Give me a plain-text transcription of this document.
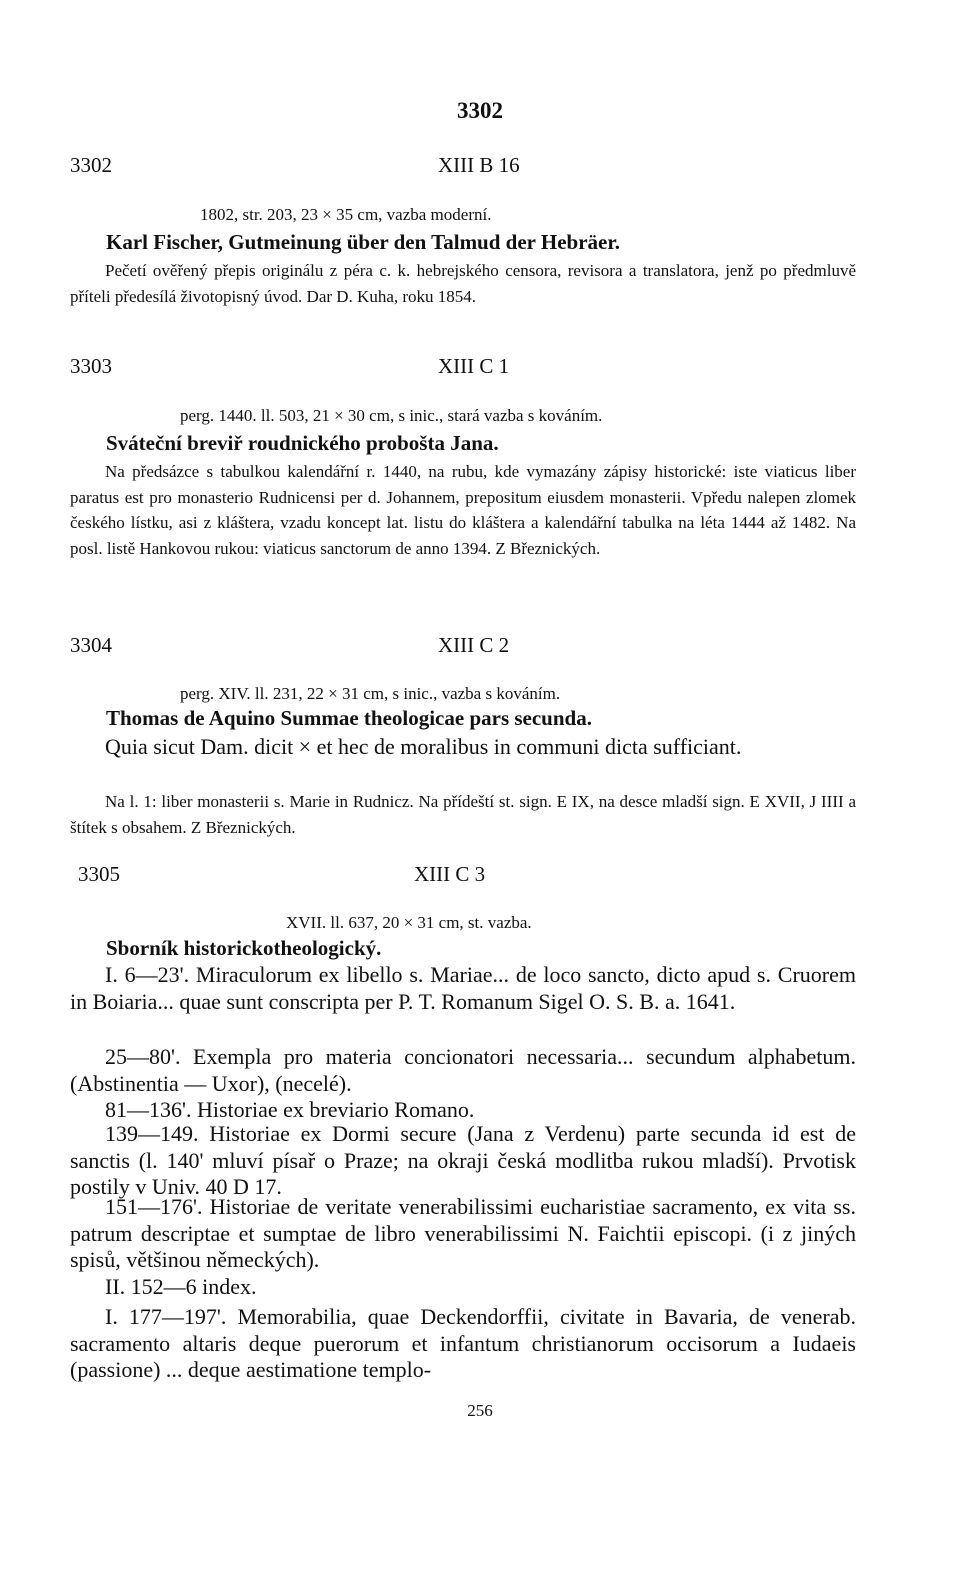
3302
3302	XIII B 16
1802, str. 203, 23 × 35 cm, vazba moderní.
Karl Fischer, Gutmeinung über den Talmud der Hebräer.
Pečetí ověřený přepis originálu z péra c. k. hebrejského censora, revisora a translatora, jenž po předmluvě příteli předesílá životopisný úvod. Dar D. Kuha, roku 1854.
3303	XIII C 1
perg. 1440. ll. 503, 21 × 30 cm, s inic., stará vazba s kováním.
Sváteční breviř roudnického probošta Jana.
Na předsázce s tabulkou kalendářní r. 1440, na rubu, kde vymazány zápisy historické: iste viaticus liber paratus est pro monasterio Rudnicensi per d. Johannem, prepositum eiusdem monasterii. Vpředu nalepen zlomek českého lístku, asi z kláštera, vzadu koncept lat. listu do kláštera a kalendářní tabulka na léta 1444 až 1482. Na posl. listě Hankovou rukou: viaticus sanctorum de anno 1394. Z Březnických.
3304	XIII C 2
perg. XIV. ll. 231, 22 × 31 cm, s inic., vazba s kováním.
Thomas de Aquino Summae theologicae pars secunda.
Quia sicut Dam. dicit × et hec de moralibus in communi dicta sufficiant.
Na l. 1: liber monasterii s. Marie in Rudnicz. Na přídeští st. sign. E IX, na desce mladší sign. E XVII, J IIII a štítek s obsahem. Z Březnických.
3305	XIII C 3
XVII. ll. 637, 20 × 31 cm, st. vazba.
Sborník historickotheologický.
I. 6—23'. Miraculorum ex libello s. Mariae... de loco sancto, dicto apud s. Cruorem in Boiaria... quae sunt conscripta per P. T. Romanum Sigel O. S. B. a. 1641.
25—80'. Exempla pro materia concionatori necessaria... secundum alphabetum. (Abstinentia — Uxor), (necelé).
81—136'. Historiae ex breviario Romano.
139—149. Historiae ex Dormi secure (Jana z Verdenu) parte secunda id est de sanctis (l. 140' mluví písař o Praze; na okraji česká modlitba rukou mladší). Prvotisk postily v Univ. 40 D 17.
151—176'. Historiae de veritate venerabilissimi eucharistiae sacramento, ex vita ss. patrum descriptae et sumptae de libro venerabilissimi N. Faichtii episcopi. (i z jiných spisů, většinou německých).
II. 152—6 index.
I. 177—197'. Memorabilia, quae Deckendorffii, civitate in Bavaria, de venerab. sacramento altaris deque puerorum et infantum christianorum occisorum a Iudaeis (passione) ... deque aestimatione templo-
256
